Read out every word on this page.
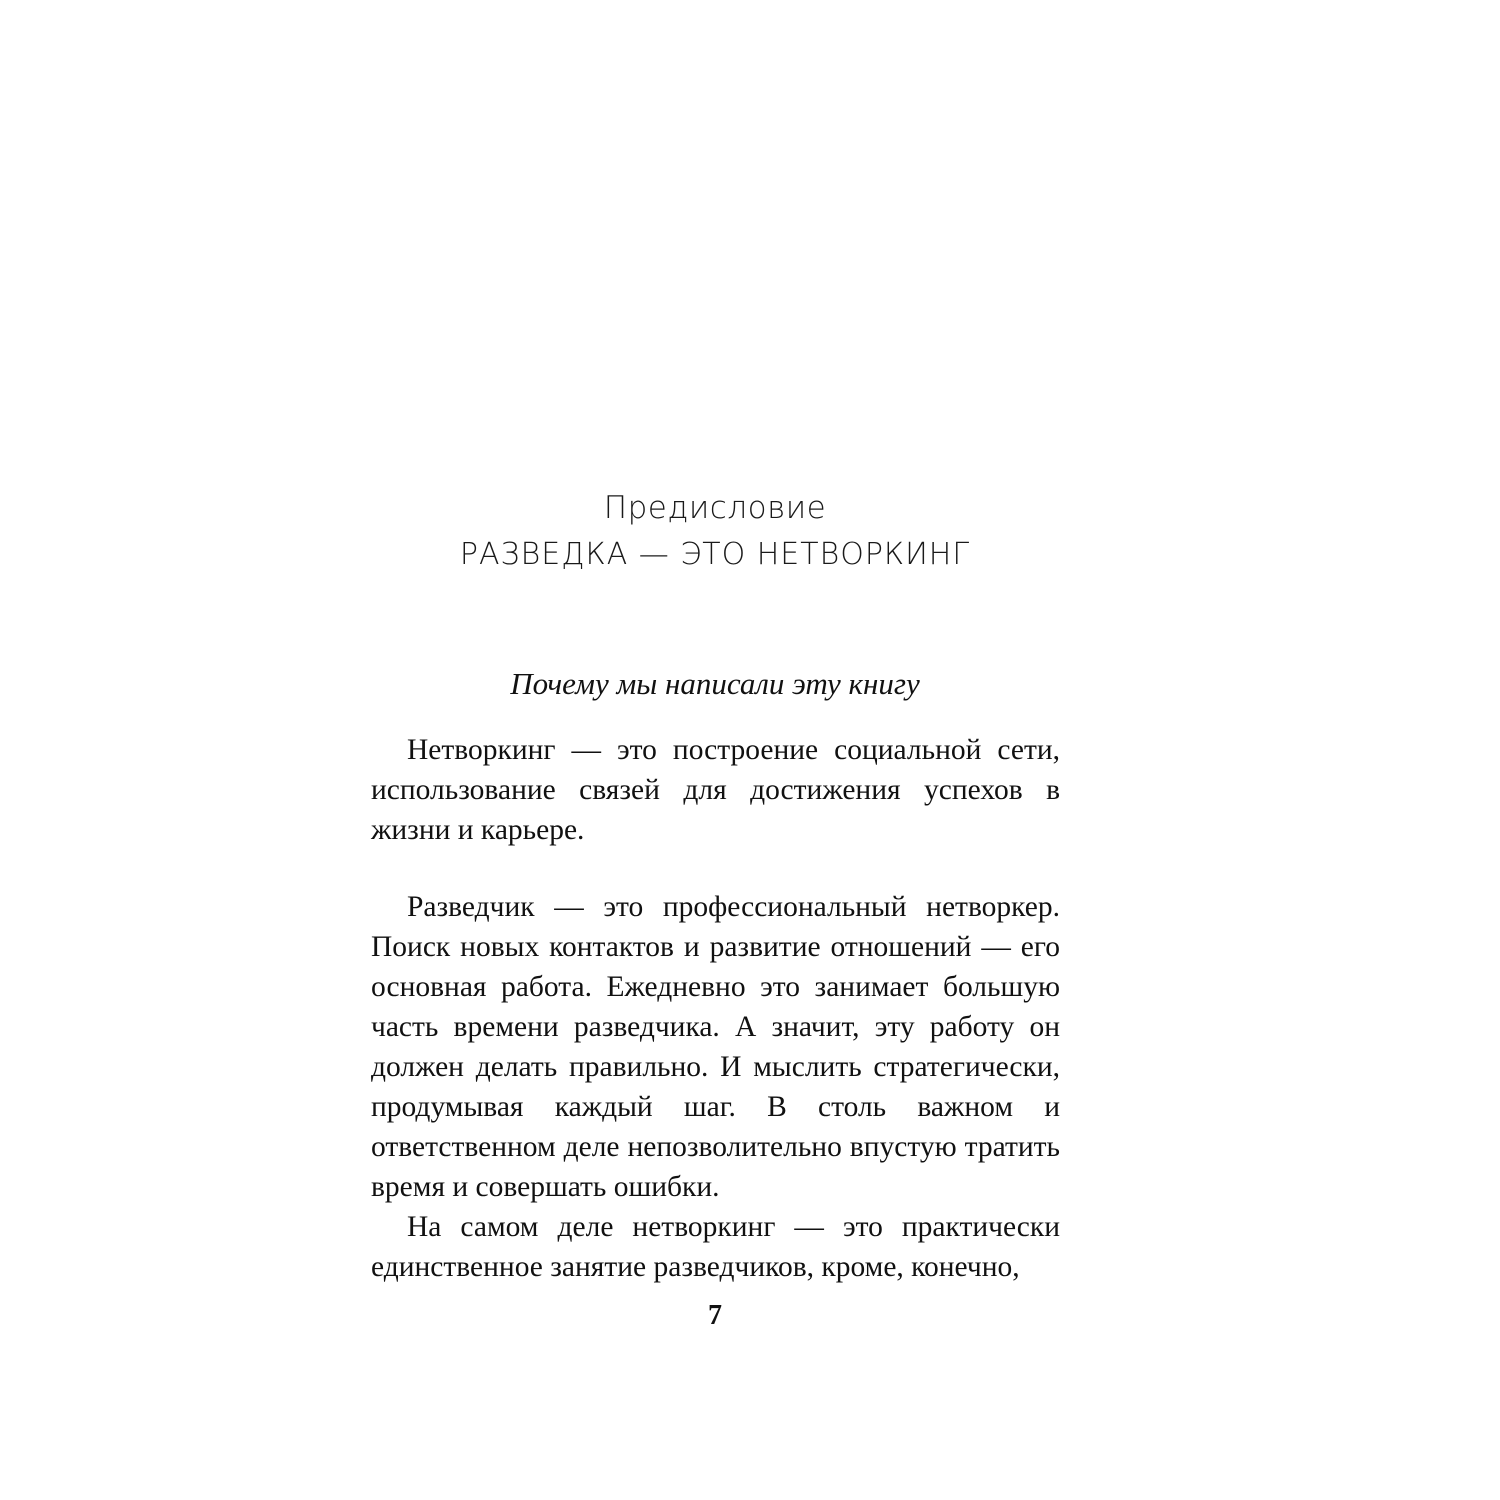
Предисловие
РАЗВЕДКА — ЭТО НЕТВОРКИНГ
Почему мы написали эту книгу

Нетворкинг — это построение социальной сети, использование связей для достижения успехов в жизни и карьере.

Разведчик — это профессиональный нетворкер. Поиск новых контактов и развитие отношений — его основная работа. Ежедневно это занимает большую часть времени разведчика. А значит, эту работу он должен делать правильно. И мыслить стратегически, продумывая каждый шаг. В столь важном и ответственном деле непозволительно впустую тратить время и совершать ошибки.

На самом деле нетворкинг — это практически единственное занятие разведчиков, кроме, конечно,

7
